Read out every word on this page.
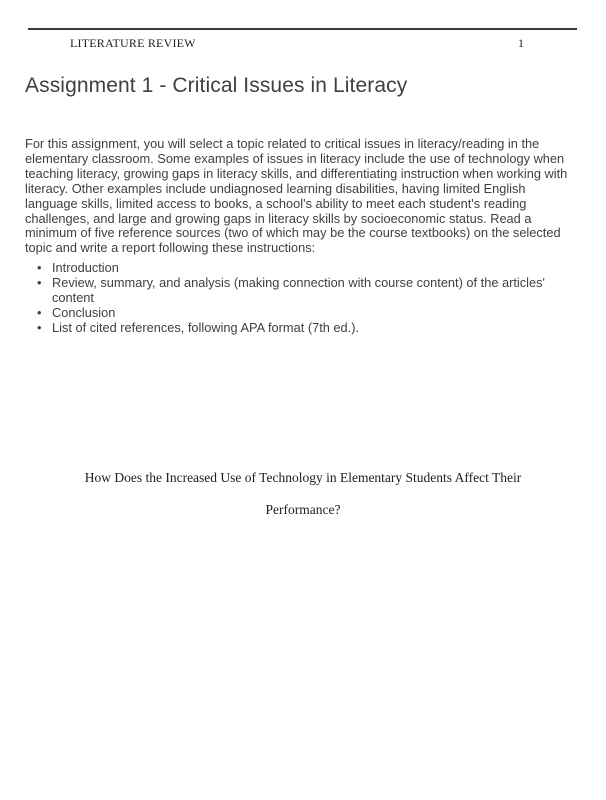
LITERATURE REVIEW	1
Assignment 1 - Critical Issues in Literacy

For this assignment, you will select a topic related to critical issues in literacy/reading in the elementary classroom. Some examples of issues in literacy include the use of technology when teaching literacy, growing gaps in literacy skills, and differentiating instruction when working with literacy. Other examples include undiagnosed learning disabilities, having limited English language skills, limited access to books, a school's ability to meet each student's reading challenges, and large and growing gaps in literacy skills by socioeconomic status. Read a minimum of five reference sources (two of which may be the course textbooks) on the selected topic and write a report following these instructions:

• Introduction
• Review, summary, and analysis (making connection with course content) of the articles' content
• Conclusion
• List of cited references, following APA format (7th ed.).
How Does the Increased Use of Technology in Elementary Students Affect Their
Performance?
